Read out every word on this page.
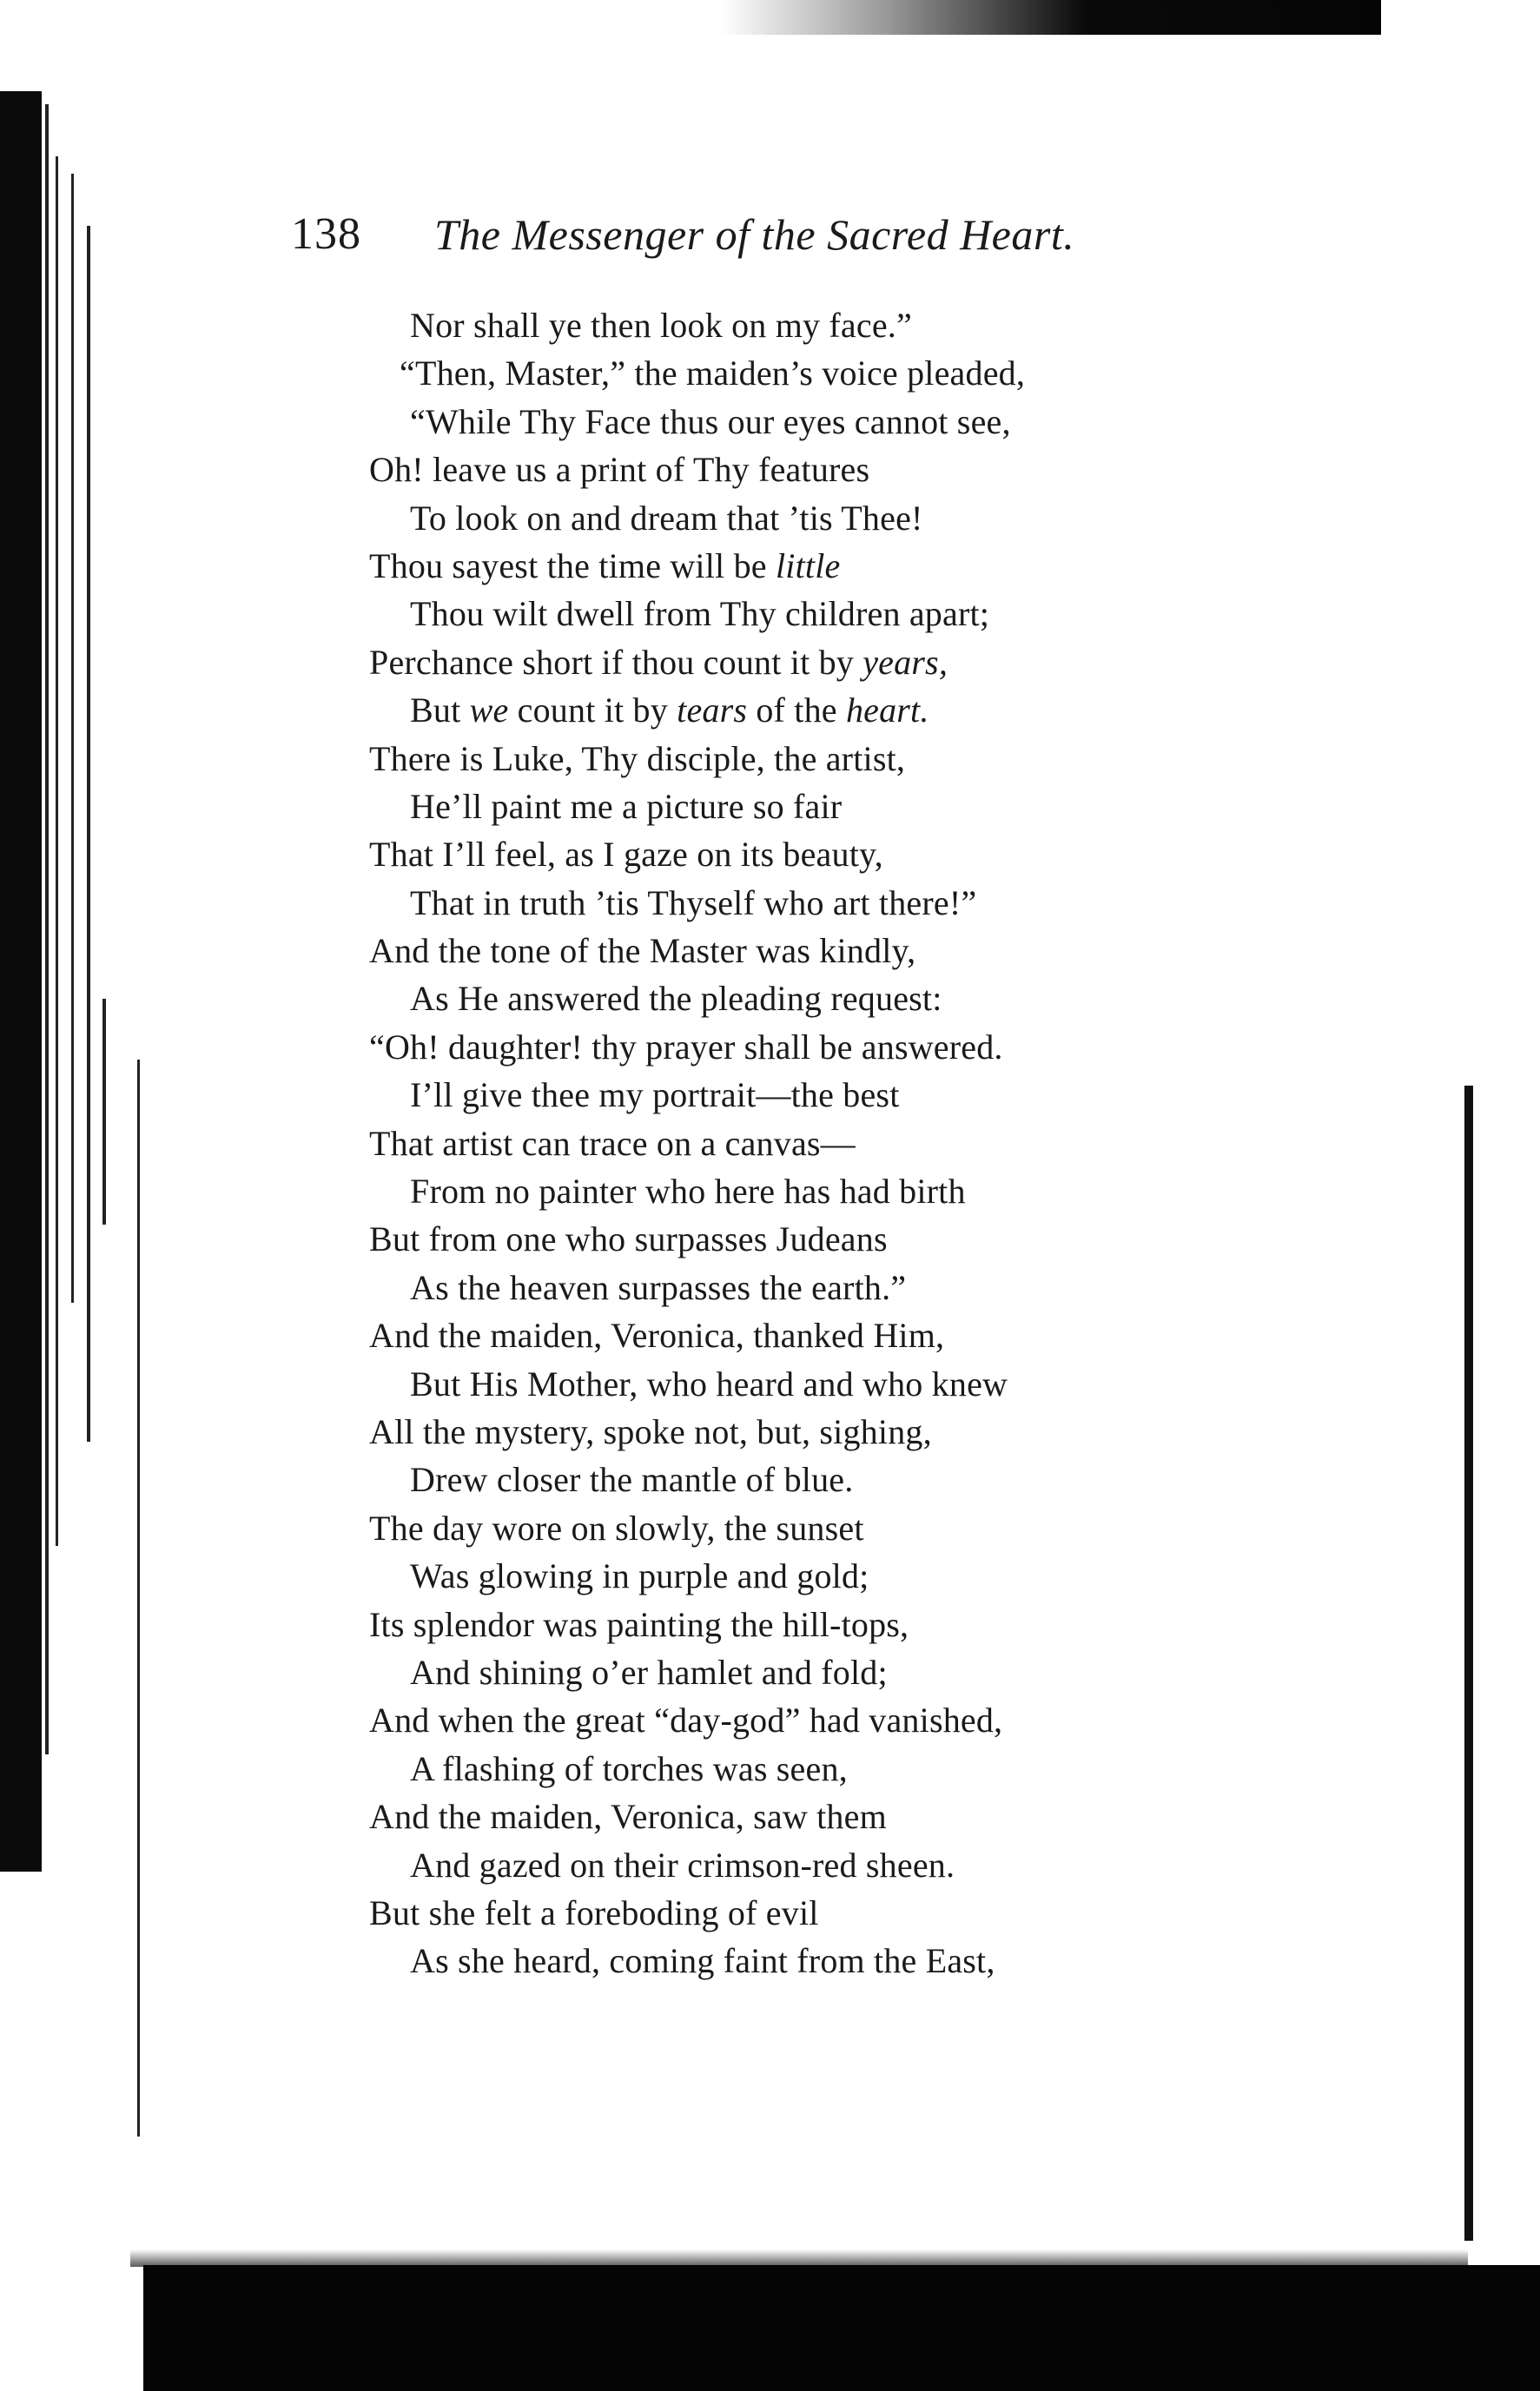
138 The Messenger of the Sacred Heart.
Nor shall ye then look on my face.”
“Then, Master,” the maiden’s voice pleaded,
“While Thy Face thus our eyes cannot see,
Oh! leave us a print of Thy features
To look on and dream that ’tis Thee!
Thou sayest the time will be little
Thou wilt dwell from Thy children apart;
Perchance short if thou count it by years,
But we count it by tears of the heart.
There is Luke, Thy disciple, the artist,
He’ll paint me a picture so fair
That I’ll feel, as I gaze on its beauty,
That in truth ’tis Thyself who art there!”
And the tone of the Master was kindly,
As He answered the pleading request:
“Oh! daughter! thy prayer shall be answered.
I’ll give thee my portrait—the best
That artist can trace on a canvas—
From no painter who here has had birth
But from one who surpasses Judeans
As the heaven surpasses the earth.”
And the maiden, Veronica, thanked Him,
But His Mother, who heard and who knew
All the mystery, spoke not, but, sighing,
Drew closer the mantle of blue.
The day wore on slowly, the sunset
Was glowing in purple and gold;
Its splendor was painting the hill-tops,
And shining o’er hamlet and fold;
And when the great “day-god” had vanished,
A flashing of torches was seen,
And the maiden, Veronica, saw them
And gazed on their crimson-red sheen.
But she felt a foreboding of evil
As she heard, coming faint from the East,
